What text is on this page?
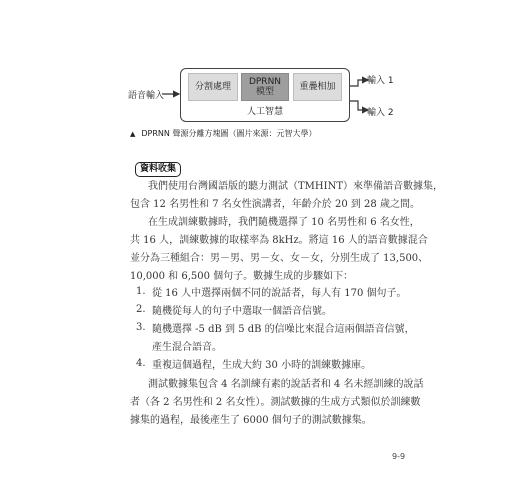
語音輸入
分割處理	DPRNN
模型	重疊相加
人工智慧
輸入 1
輸入 2
▲ DPRNN 聲源分離方塊圖（圖片來源：元智大學）
資料收集
我們使用台灣國語版的聽力測試（TMHINT）來準備語音數據集，
包含 12 名男性和 7 名女性演講者，年齡介於 20 到 28 歲之間。
在生成訓練數據時，我們隨機選擇了 10 名男性和 6 名女性，
共 16 人，訓練數據的取樣率為 8kHz。將這 16 人的語音數據混合
並分為三種組合：男－男、男－女、女－女，分別生成了 13,500、
10,000 和 6,500 個句子。數據生成的步驟如下：
1. 從 16 人中選擇兩個不同的說話者，每人有 170 個句子。
2. 隨機從每人的句子中選取一個語音信號。
3. 隨機選擇 -5 dB 到 5 dB 的信噪比來混合這兩個語音信號，
產生混合語音。
4. 重複這個過程，生成大約 30 小時的訓練數據庫。
測試數據集包含 4 名訓練有素的說話者和 4 名未經訓練的說話
者（各 2 名男性和 2 名女性）。測試數據的生成方式類似於訓練數
據集的過程，最後產生了 6000 個句子的測試數據集。
9-9
